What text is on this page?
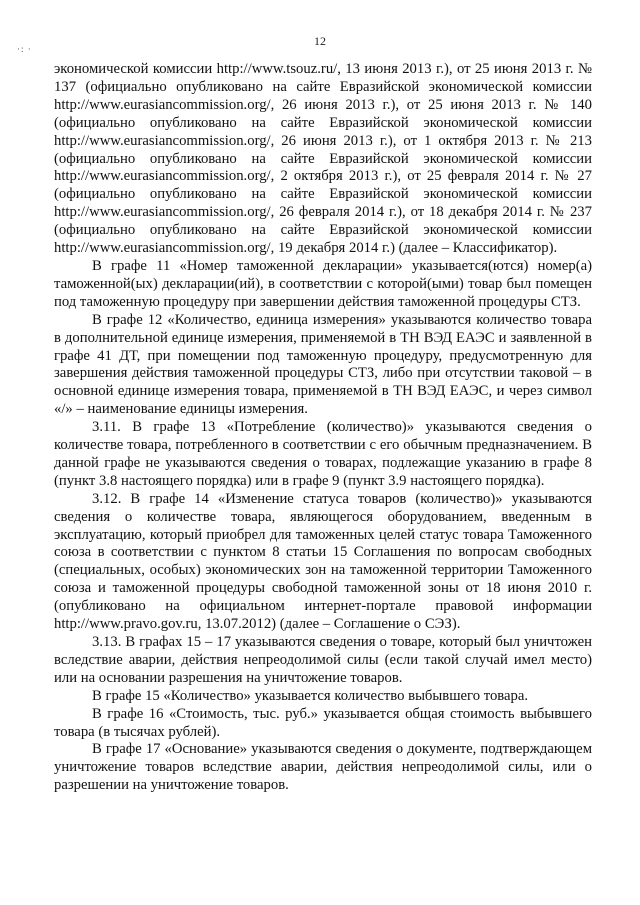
12
·: ·

экономической комиссии http://www.tsouz.ru/, 13 июня 2013 г.), от 25 июня 2013 г. № 137 (официально опубликовано на сайте Евразийской экономической комиссии http://www.eurasiancommission.org/, 26 июня 2013 г.), от 25 июня 2013 г. № 140 (официально опубликовано на сайте Евразийской экономической комиссии http://www.eurasiancommission.org/, 26 июня 2013 г.), от 1 октября 2013 г. № 213 (официально опубликовано на сайте Евразийской экономической комиссии http://www.eurasiancommission.org/, 2 октября 2013 г.), от 25 февраля 2014 г. № 27 (официально опубликовано на сайте Евразийской экономической комиссии http://www.eurasiancommission.org/, 26 февраля 2014 г.), от 18 декабря 2014 г. № 237 (официально опубликовано на сайте Евразийской экономической комиссии http://www.eurasiancommission.org/, 19 декабря 2014 г.) (далее – Классификатор).

В графе 11 «Номер таможенной декларации» указывается(ются) номер(а) таможенной(ых) декларации(ий), в соответствии с которой(ыми) товар был помещен под таможенную процедуру при завершении действия таможенной процедуры СТЗ.

В графе 12 «Количество, единица измерения» указываются количество товара в дополнительной единице измерения, применяемой в ТН ВЭД ЕАЭС и заявленной в графе 41 ДТ, при помещении под таможенную процедуру, предусмотренную для завершения действия таможенной процедуры СТЗ, либо при отсутствии таковой – в основной единице измерения товара, применяемой в ТН ВЭД ЕАЭС, и через символ «/» – наименование единицы измерения.

3.11. В графе 13 «Потребление (количество)» указываются сведения о количестве товара, потребленного в соответствии с его обычным предназначением. В данной графе не указываются сведения о товарах, подлежащие указанию в графе 8 (пункт 3.8 настоящего порядка) или в графе 9 (пункт 3.9 настоящего порядка).

3.12. В графе 14 «Изменение статуса товаров (количество)» указываются сведения о количестве товара, являющегося оборудованием, введенным в эксплуатацию, который приобрел для таможенных целей статус товара Таможенного союза в соответствии с пунктом 8 статьи 15 Соглашения по вопросам свободных (специальных, особых) экономических зон на таможенной территории Таможенного союза и таможенной процедуры свободной таможенной зоны от 18 июня 2010 г. (опубликовано на официальном интернет-портале правовой информации http://www.pravo.gov.ru, 13.07.2012) (далее – Соглашение о СЭЗ).

3.13. В графах 15 – 17 указываются сведения о товаре, который был уничтожен вследствие аварии, действия непреодолимой силы (если такой случай имел место) или на основании разрешения на уничтожение товаров.

В графе 15 «Количество» указывается количество выбывшего товара.

В графе 16 «Стоимость, тыс. руб.» указывается общая стоимость выбывшего товара (в тысячах рублей).

В графе 17 «Основание» указываются сведения о документе, подтверждающем уничтожение товаров вследствие аварии, действия непреодолимой силы, или о разрешении на уничтожение товаров.
